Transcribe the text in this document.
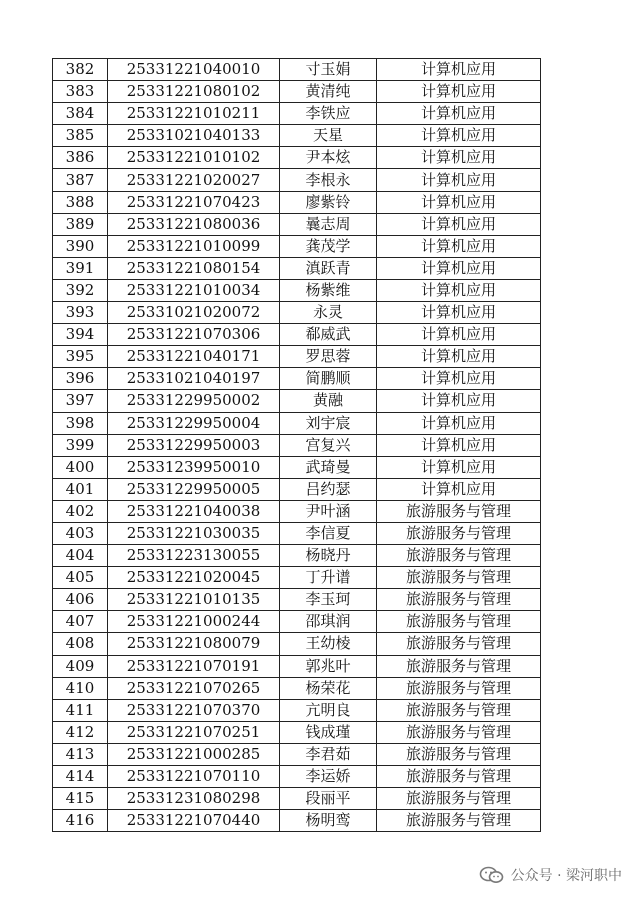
382	25331221040010	寸玉娟	计算机应用
383	25331221080102	黄清纯	计算机应用
384	25331221010211	李铁应	计算机应用
385	25331021040133	天星	计算机应用
386	25331221010102	尹本炫	计算机应用
387	25331221020027	李根永	计算机应用
388	25331221070423	廖紫铃	计算机应用
389	25331221080036	曩志周	计算机应用
390	25331221010099	龚茂学	计算机应用
391	25331221080154	滇跃青	计算机应用
392	25331221010034	杨紫维	计算机应用
393	25331021020072	永灵	计算机应用
394	25331221070306	郗威武	计算机应用
395	25331221040171	罗思蓉	计算机应用
396	25331021040197	简鹏顺	计算机应用
397	25331229950002	黄融	计算机应用
398	25331229950004	刘宇宸	计算机应用
399	25331229950003	宫复兴	计算机应用
400	25331239950010	武琦曼	计算机应用
401	25331229950005	吕约瑟	计算机应用
402	25331221040038	尹叶涵	旅游服务与管理
403	25331221030035	李信夏	旅游服务与管理
404	25331223130055	杨晓丹	旅游服务与管理
405	25331221020045	丁升谱	旅游服务与管理
406	25331221010135	李玉珂	旅游服务与管理
407	25331221000244	邵琪润	旅游服务与管理
408	25331221080079	王幼棱	旅游服务与管理
409	25331221070191	郭兆叶	旅游服务与管理
410	25331221070265	杨荣花	旅游服务与管理
411	25331221070370	亢明良	旅游服务与管理
412	25331221070251	钱成瑾	旅游服务与管理
413	25331221000285	李君茹	旅游服务与管理
414	25331221070110	李运娇	旅游服务与管理
415	25331231080298	段丽平	旅游服务与管理
416	25331221070440	杨明鸾	旅游服务与管理
公众号 · 梁河职中
